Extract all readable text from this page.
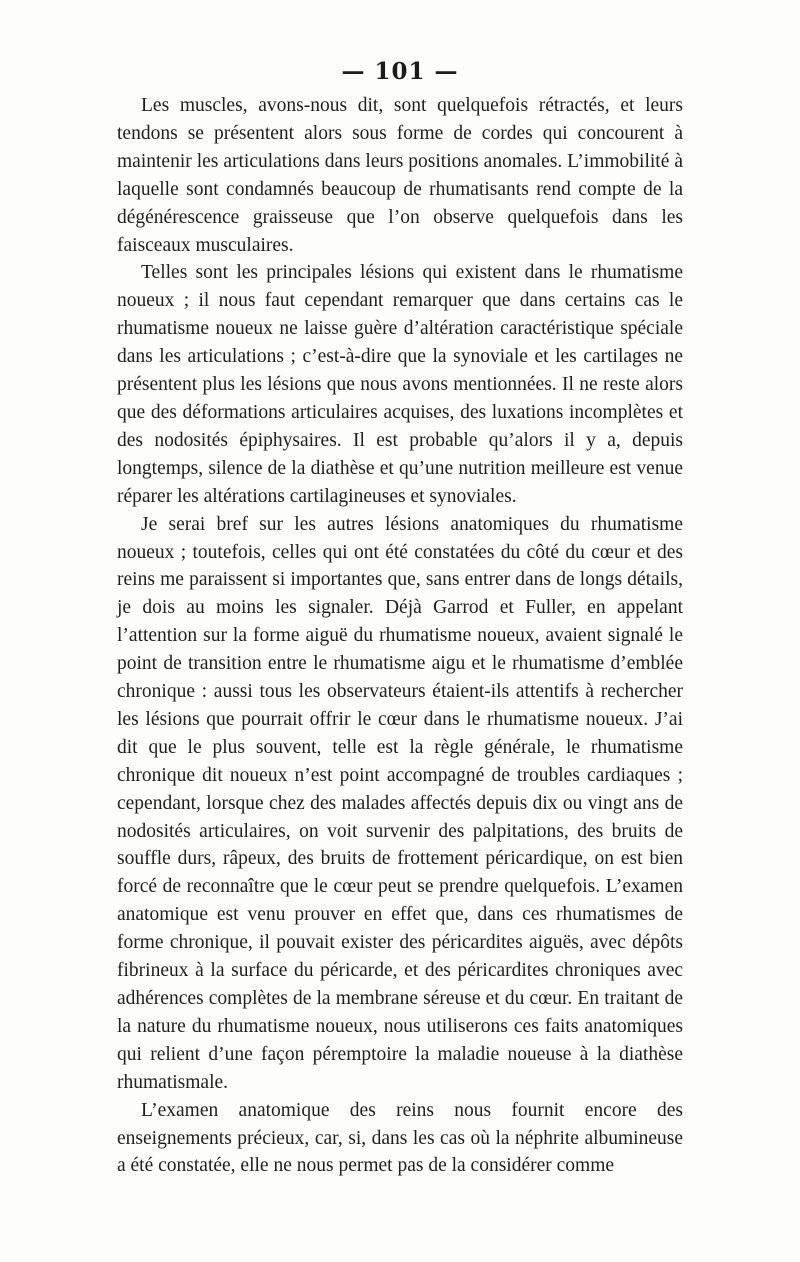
— 101 —

Les muscles, avons-nous dit, sont quelquefois rétractés, et leurs tendons se présentent alors sous forme de cordes qui concourent à maintenir les articulations dans leurs positions anomales. L’immobilité à laquelle sont condamnés beaucoup de rhumatisants rend compte de la dégénérescence graisseuse que l’on observe quelquefois dans les faisceaux musculaires.

Telles sont les principales lésions qui existent dans le rhumatisme noueux ; il nous faut cependant remarquer que dans certains cas le rhumatisme noueux ne laisse guère d’altération caractéristique spéciale dans les articulations ; c’est-à-dire que la synoviale et les cartilages ne présentent plus les lésions que nous avons mentionnées. Il ne reste alors que des déformations articulaires acquises, des luxations incomplètes et des nodosités épiphysaires. Il est probable qu’alors il y a, depuis longtemps, silence de la diathèse et qu’une nutrition meilleure est venue réparer les altérations cartilagineuses et synoviales.

Je serai bref sur les autres lésions anatomiques du rhumatisme noueux ; toutefois, celles qui ont été constatées du côté du cœur et des reins me paraissent si importantes que, sans entrer dans de longs détails, je dois au moins les signaler. Déjà Garrod et Fuller, en appelant l’attention sur la forme aiguë du rhumatisme noueux, avaient signalé le point de transition entre le rhumatisme aigu et le rhumatisme d’emblée chronique : aussi tous les observateurs étaient-ils attentifs à rechercher les lésions que pourrait offrir le cœur dans le rhumatisme noueux. J’ai dit que le plus souvent, telle est la règle générale, le rhumatisme chronique dit noueux n’est point accompagné de troubles cardiaques ; cependant, lorsque chez des malades affectés depuis dix ou vingt ans de nodosités articulaires, on voit survenir des palpitations, des bruits de souffle durs, râpeux, des bruits de frottement péricardique, on est bien forcé de reconnaître que le cœur peut se prendre quelquefois. L’examen anatomique est venu prouver en effet que, dans ces rhumatismes de forme chronique, il pouvait exister des péricardites aiguës, avec dépôts fibrineux à la surface du péricarde, et des péricardites chroniques avec adhérences complètes de la membrane séreuse et du cœur. En traitant de la nature du rhumatisme noueux, nous utiliserons ces faits anatomiques qui relient d’une façon péremptoire la maladie noueuse à la diathèse rhumatismale.

L’examen anatomique des reins nous fournit encore des enseignements précieux, car, si, dans les cas où la néphrite albumineuse a été constatée, elle ne nous permet pas de la considérer comme
